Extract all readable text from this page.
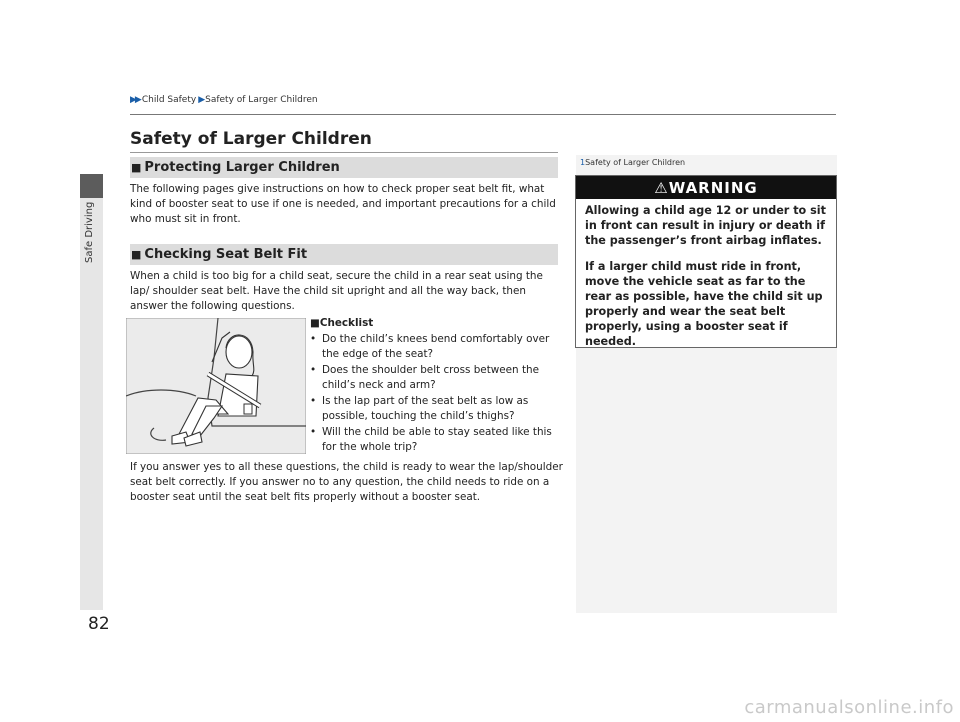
Safe Driving
▶▶ Child Safety ▶ Safety of Larger Children
Safety of Larger Children
■ Protecting Larger Children
The following pages give instructions on how to check proper seat belt fit, what kind of booster seat to use if one is needed, and important precautions for a child who must sit in front.
■ Checking Seat Belt Fit
When a child is too big for a child seat, secure the child in a rear seat using the lap/ shoulder seat belt. Have the child sit upright and all the way back, then answer the following questions.
■Checklist
• Do the child’s knees bend comfortably over the edge of the seat?
• Does the shoulder belt cross between the child’s neck and arm?
• Is the lap part of the seat belt as low as possible, touching the child’s thighs?
• Will the child be able to stay seated like this for the whole trip?
If you answer yes to all these questions, the child is ready to wear the lap/shoulder seat belt correctly. If you answer no to any question, the child needs to ride on a booster seat until the seat belt fits properly without a booster seat.
1Safety of Larger Children
⚠ WARNING

Allowing a child age 12 or under to sit in front can result in injury or death if the passenger’s front airbag inflates.

If a larger child must ride in front, move the vehicle seat as far to the rear as possible, have the child sit up properly and wear the seat belt properly, using a booster seat if needed.

82
carmanualsonline.info
